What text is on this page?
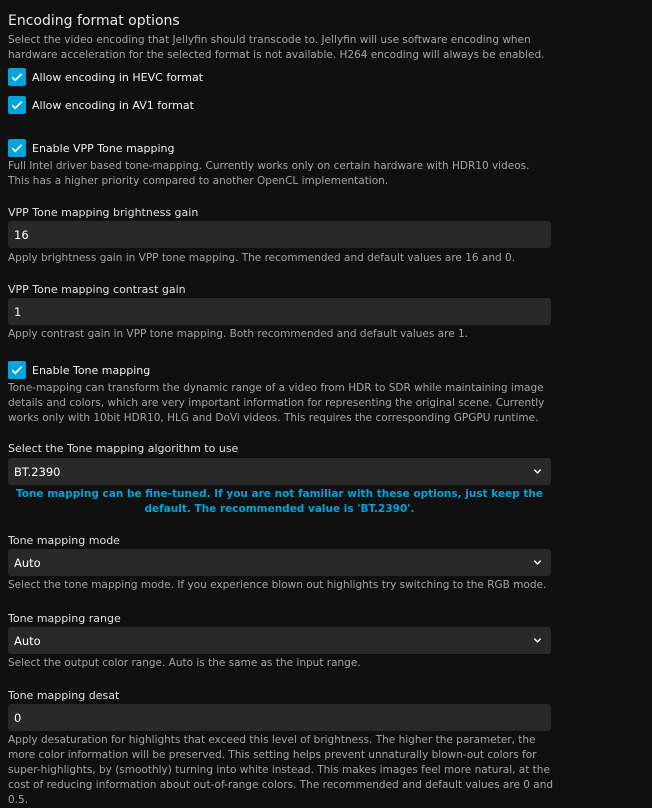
Encoding format options
Select the video encoding that Jellyfin should transcode to. Jellyfin will use software encoding when hardware acceleration for the selected format is not available. H264 encoding will always be enabled.
Allow encoding in HEVC format
Allow encoding in AV1 format
Enable VPP Tone mapping
Full Intel driver based tone-mapping. Currently works only on certain hardware with HDR10 videos. This has a higher priority compared to another OpenCL implementation.
VPP Tone mapping brightness gain
16
Apply brightness gain in VPP tone mapping. The recommended and default values are 16 and 0.
VPP Tone mapping contrast gain
1
Apply contrast gain in VPP tone mapping. Both recommended and default values are 1.
Enable Tone mapping
Tone-mapping can transform the dynamic range of a video from HDR to SDR while maintaining image details and colors, which are very important information for representing the original scene. Currently works only with 10bit HDR10, HLG and DoVi videos. This requires the corresponding GPGPU runtime.
Select the Tone mapping algorithm to use
BT.2390
Tone mapping can be fine-tuned. If you are not familiar with these options, just keep the default. The recommended value is 'BT.2390'.
Tone mapping mode
Auto
Select the tone mapping mode. If you experience blown out highlights try switching to the RGB mode.
Tone mapping range
Auto
Select the output color range. Auto is the same as the input range.
Tone mapping desat
0
Apply desaturation for highlights that exceed this level of brightness. The higher the parameter, the more color information will be preserved. This setting helps prevent unnaturally blown-out colors for super-highlights, by (smoothly) turning into white instead. This makes images feel more natural, at the cost of reducing information about out-of-range colors. The recommended and default values are 0 and 0.5.
